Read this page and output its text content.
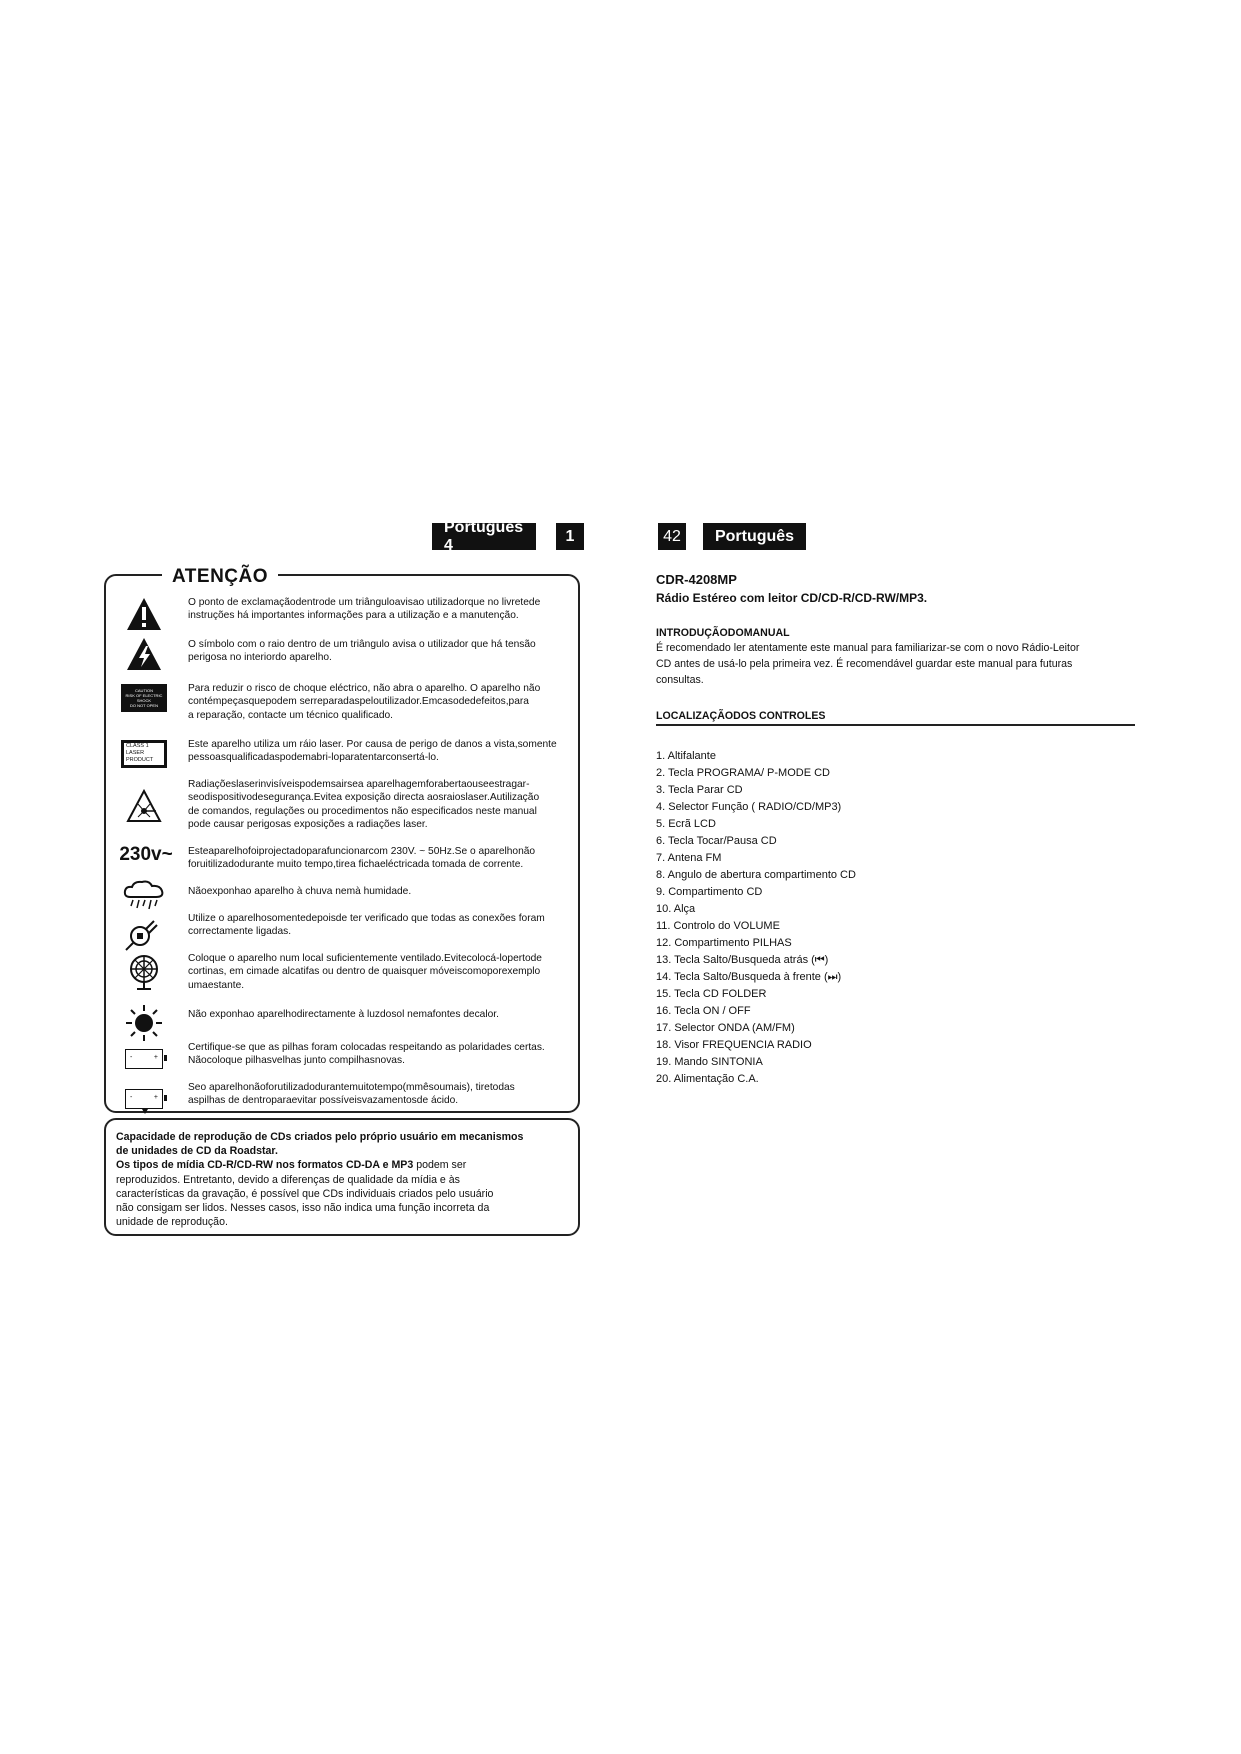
Português 4
1	42	Português
ATENÇÃO
O ponto de exclamaçãodentrode um triânguloavisao utilizadorque no livretede
instruções há importantes informações para a utilização e a manutenção.
O símbolo com o raio dentro de um triângulo avisa o utilizador que há tensão
perigosa no interiordo aparelho.
CAUTION
RISK OF ELECTRIC
SHOCK
DO NOT OPEN
Para reduzir o risco de choque eléctrico, não abra o aparelho. O aparelho não
contémpeçasquepodem serreparadaspeloutilizador.Emcasodedefeitos,para
a reparação, contacte um técnico qualificado.
CLASS 1
LASER PRODUCT
Este aparelho utiliza um ráio laser. Por causa de perigo de danos a vista,somente
pessoasqualificadaspodemabri-loparatentarconsertá-lo.
Radiaçõeslaserinvisíveispodemsairsea aparelhagemforabertaouseestragar-
seodispositivodesegurança.Evitea exposição directa aosraioslaser.Autilização
de comandos, regulações ou procedimentos não especificados neste manual
pode causar perigosas exposições a radiações laser.
230v~	Esteaparelhofoiprojectadoparafuncionarcom 230V. ~ 50Hz.Se o aparelhonão
foruitilizadodurante muito tempo,tirea fichaeléctricada tomada de corrente.
Nãoexponhao aparelho à chuva nemà humidade.
Utilize o aparelhosomentedepoisde ter verificado que todas as conexões foram
correctamente ligadas.
Coloque o aparelho num local suficientemente ventilado.Evitecolocá-lopertode
cortinas, em cimade alcatifas ou dentro de quaisquer móveiscomoporexemplo
umaestante.
Não exponhao aparelhodirectamente à luzdosol nemafontes decalor.
-	+
Certifique-se que as pilhas foram colocadas respeitando as polaridades certas.
Nãocoloque pilhasvelhas junto compilhasnovas.
-	+
Seo aparelhonãoforutilizadodurantemuitotempo(mmêsoumais), tiretodas
aspilhas de dentroparaevitar possíveisvazamentosde ácido.
Capacidade de reprodução de CDs criados pelo próprio usuário em mecanismos
de unidades de CD da Roadstar.
Os tipos de mídia CD-R/CD-RW nos formatos CD-DA e MP3 podem ser
reproduzidos. Entretanto, devido a diferenças de qualidade da mídia e às
características da gravação, é possível que CDs individuais criados pelo usuário
não consigam ser lidos. Nesses casos, isso não indica uma função incorreta da
unidade de reprodução.

CDR-4208MP

Rádio Estéreo com leitor CD/CD-R/CD-RW/MP3.

INTRODUÇÃODOMANUAL

É recomendado ler atentamente este manual para familiarizar-se com o novo Rádio-Leitor
CD antes de usá-lo pela primeira vez. É recomendável guardar este manual para futuras
consultas.

LOCALIZAÇÃODOS CONTROLES

1. Altifalante
2. Tecla PROGRAMA/ P-MODE CD
3. Tecla Parar CD
4. Selector Função ( RADIO/CD/MP3)
5. Ecrã LCD
6. Tecla Tocar/Pausa CD
7. Antena FM
8. Angulo de abertura compartimento CD
9. Compartimento CD
10. Alça
11. Controlo do VOLUME
12. Compartimento PILHAS
13. Tecla Salto/Busqueda atrás (⏮)
14. Tecla Salto/Busqueda à frente (⏭)
15. Tecla CD FOLDER
16. Tecla ON / OFF
17. Selector ONDA (AM/FM)
18. Visor FREQUENCIA RADIO
19. Mando SINTONIA
20. Alimentação C.A.
